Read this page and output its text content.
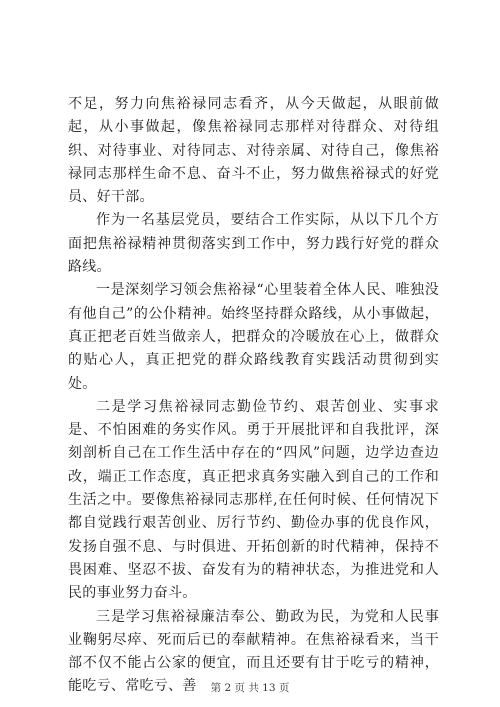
不足，努力向焦裕禄同志看齐，从今天做起，从眼前做起，从小事做起，像焦裕禄同志那样对待群众、对待组织、对待事业、对待同志、对待亲属、对待自己，像焦裕禄同志那样生命不息、奋斗不止，努力做焦裕禄式的好党员、好干部。

作为一名基层党员，要结合工作实际，从以下几个方面把焦裕禄精神贯彻落实到工作中，努力践行好党的群众路线。

一是深刻学习领会焦裕禄“心里装着全体人民、唯独没有他自己”的公仆精神。始终坚持群众路线，从小事做起，真正把老百姓当做亲人，把群众的冷暖放在心上，做群众的贴心人，真正把党的群众路线教育实践活动贯彻到实处。

二是学习焦裕禄同志勤俭节约、艰苦创业、实事求是、不怕困难的务实作风。勇于开展批评和自我批评，深刻剖析自己在工作生活中存在的“四风”问题，边学边查边改，端正工作态度，真正把求真务实融入到自己的工作和生活之中。要像焦裕禄同志那样,在任何时候、任何情况下都自觉践行艰苦创业、厉行节约、勤俭办事的优良作风，发扬自强不息、与时俱进、开拓创新的时代精神，保持不畏困难、坚忍不拔、奋发有为的精神状态，为推进党和人民的事业努力奋斗。

三是学习焦裕禄廉洁奉公、勤政为民，为党和人民事业鞠躬尽瘁、死而后已的奉献精神。在焦裕禄看来，当干部不仅不能占公家的便宜，而且还要有甘于吃亏的精神，能吃亏、常吃亏、善	第 2 页 共 13 页
